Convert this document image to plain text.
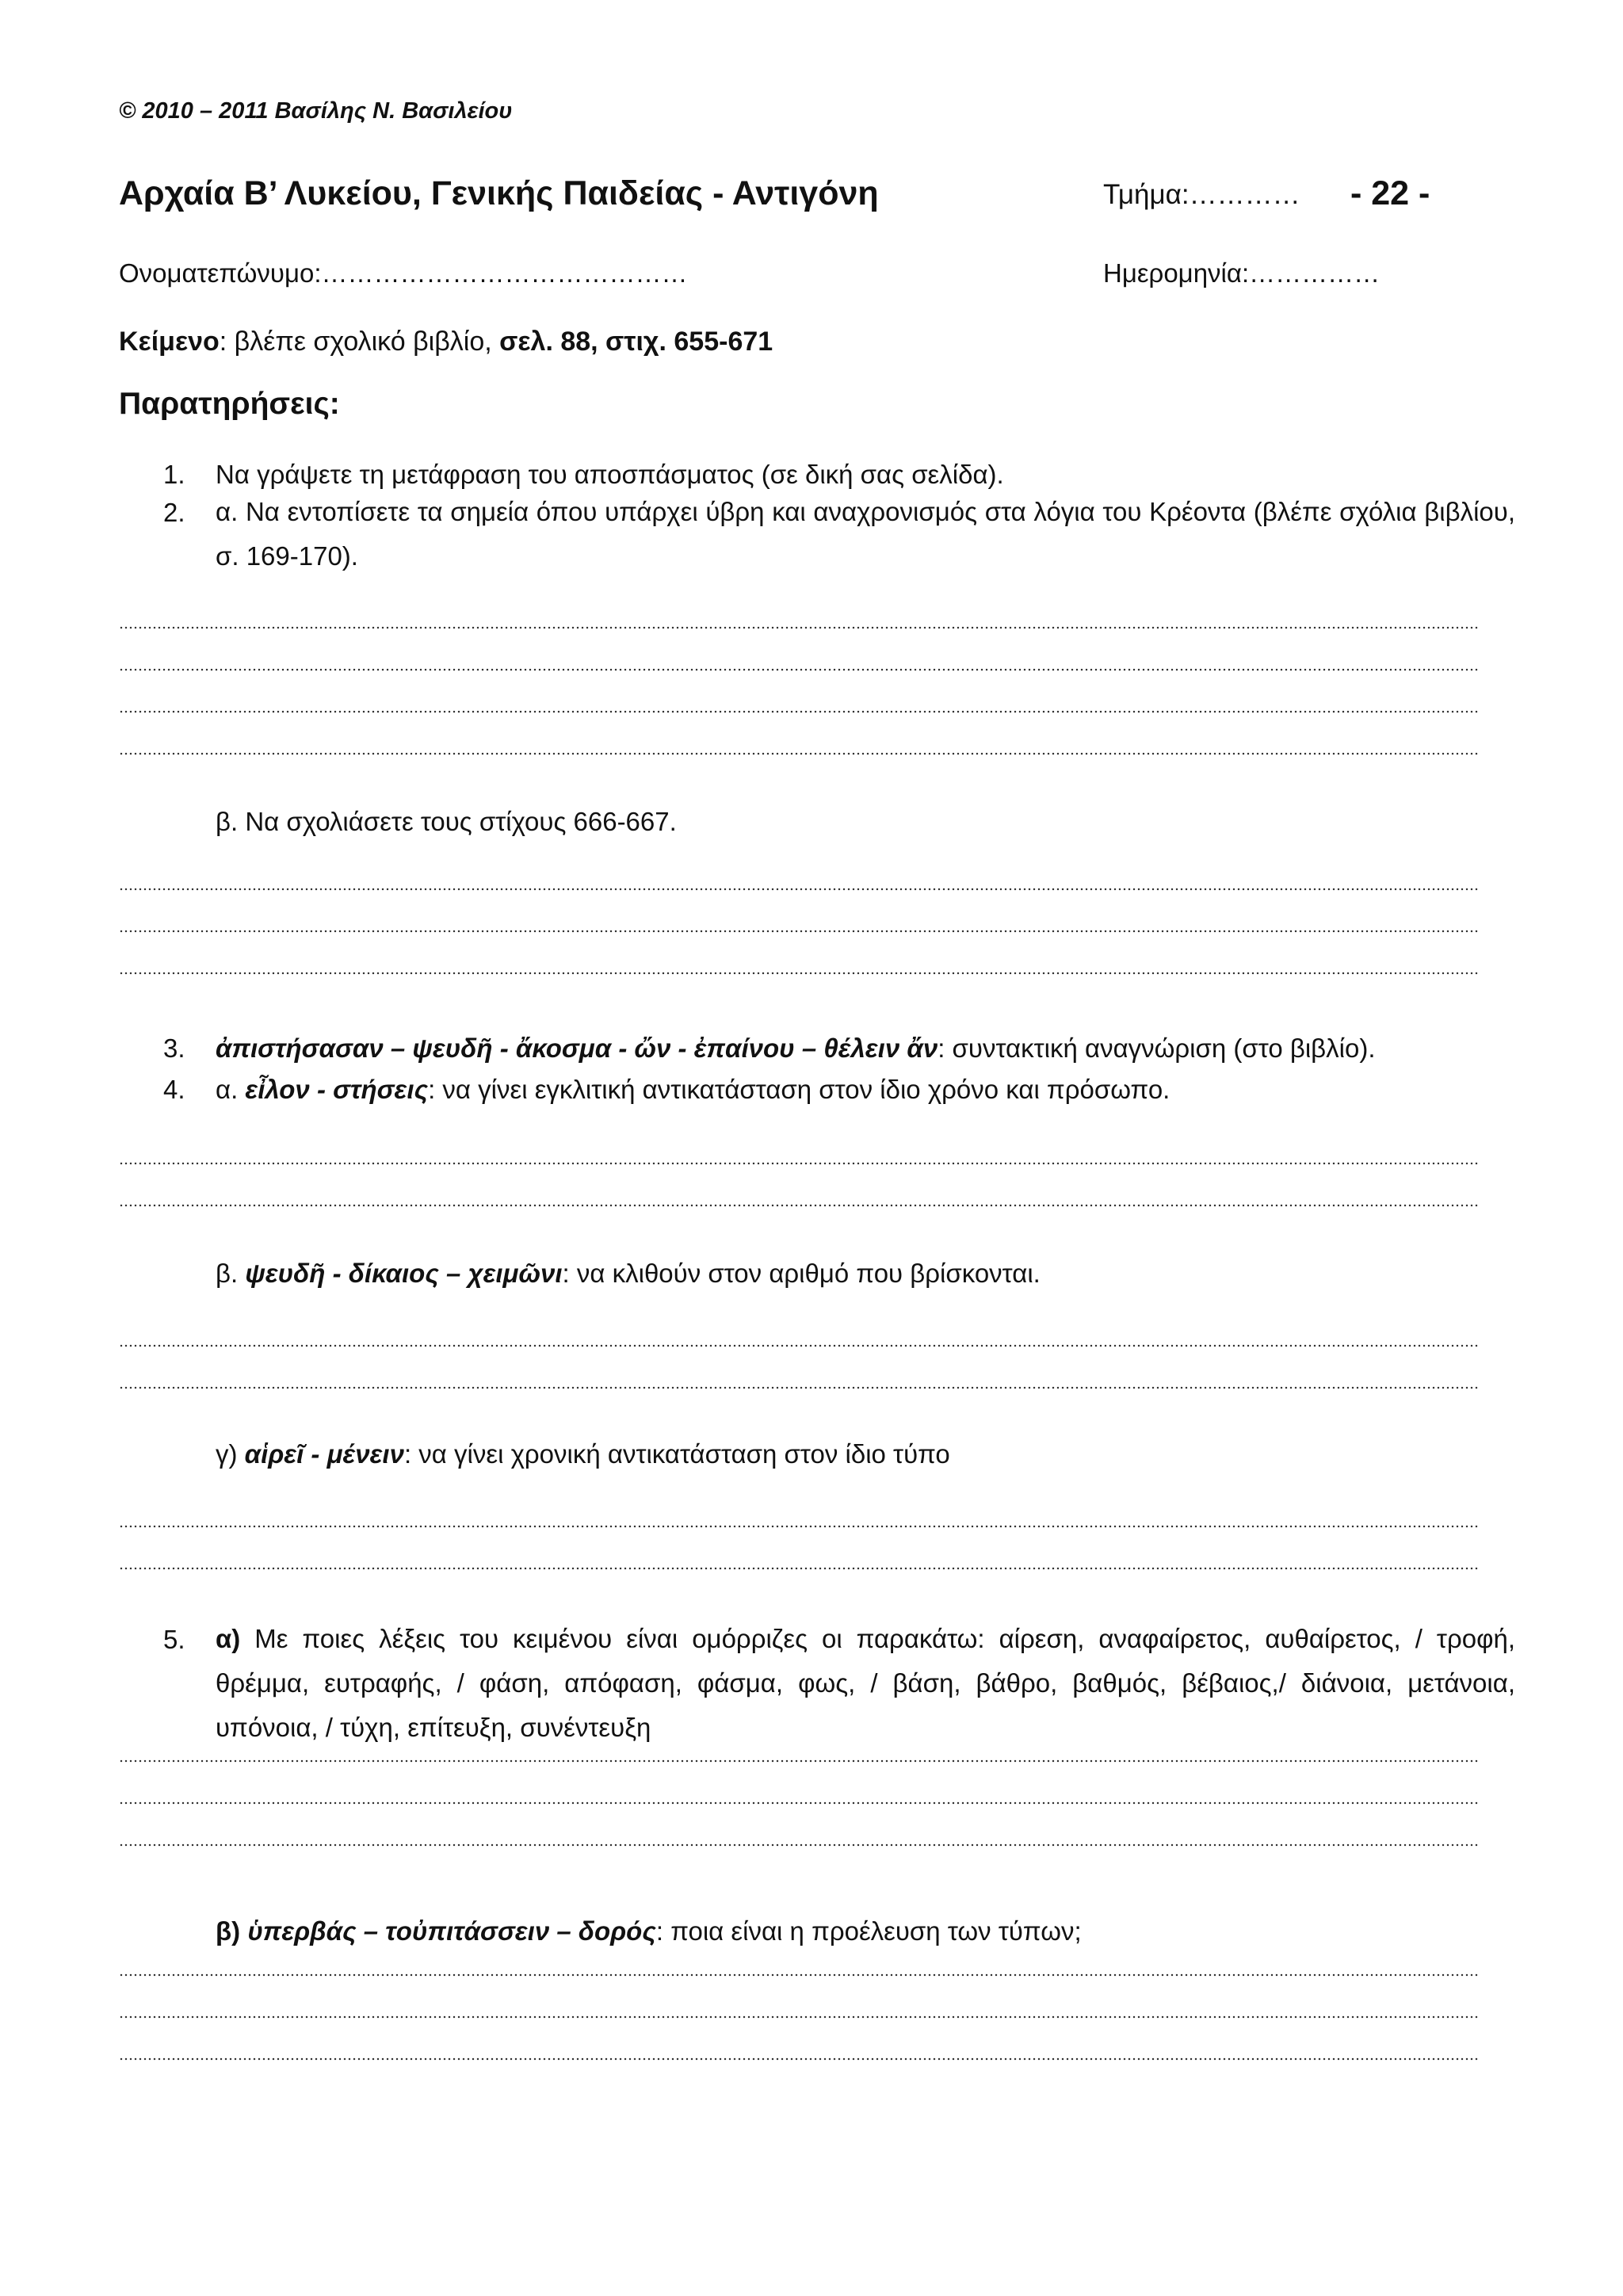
© 2010 – 2011 Βασίλης Ν. Βασιλείου
Αρχαία Β’ Λυκείου, Γενικής Παιδείας - Αντιγόνη	Τμήμα:………… - 22 -
Ονοματεπώνυμο:……………………………………	Ημερομηνία:……………
Κείμενο: βλέπε σχολικό βιβλίο, σελ. 88, στιχ. 655-671
Παρατηρήσεις:
1. Να γράψετε τη μετάφραση του αποσπάσματος (σε δική σας σελίδα).
2. α. Να εντοπίσετε τα σημεία όπου υπάρχει ύβρη και αναχρονισμός στα λόγια του Κρέοντα (βλέπε σχόλια βιβλίου, σ. 169-170).
β. Να σχολιάσετε τους στίχους 666-667.
3. ἀπιστήσασαν – ψευδῆ - ἄκοσμα - ὤν - ἐπαίνου – θέλειν ἄν: συντακτική αναγνώριση (στο βιβλίο).
4. α. εἶλον - στήσεις: να γίνει εγκλιτική αντικατάσταση στον ίδιο χρόνο και πρόσωπο.
β. ψευδῆ - δίκαιος – χειμῶνι: να κλιθούν στον αριθμό που βρίσκονται.
γ) αἱρεῖ - μένειν: να γίνει χρονική αντικατάσταση στον ίδιο τύπο
5. α) Με ποιες λέξεις του κειμένου είναι ομόρριζες οι παρακάτω: αίρεση, αναφαίρετος, αυθαίρετος, / τροφή, θρέμμα, ευτραφής, / φάση, απόφαση, φάσμα, φως, / βάση, βάθρο, βαθμός, βέβαιος,/ διάνοια, μετάνοια, υπόνοια, / τύχη, επίτευξη, συνέντευξη
β) ὑπερβάς – τοὐπιτάσσειν – δορός: ποια είναι η προέλευση των τύπων;
